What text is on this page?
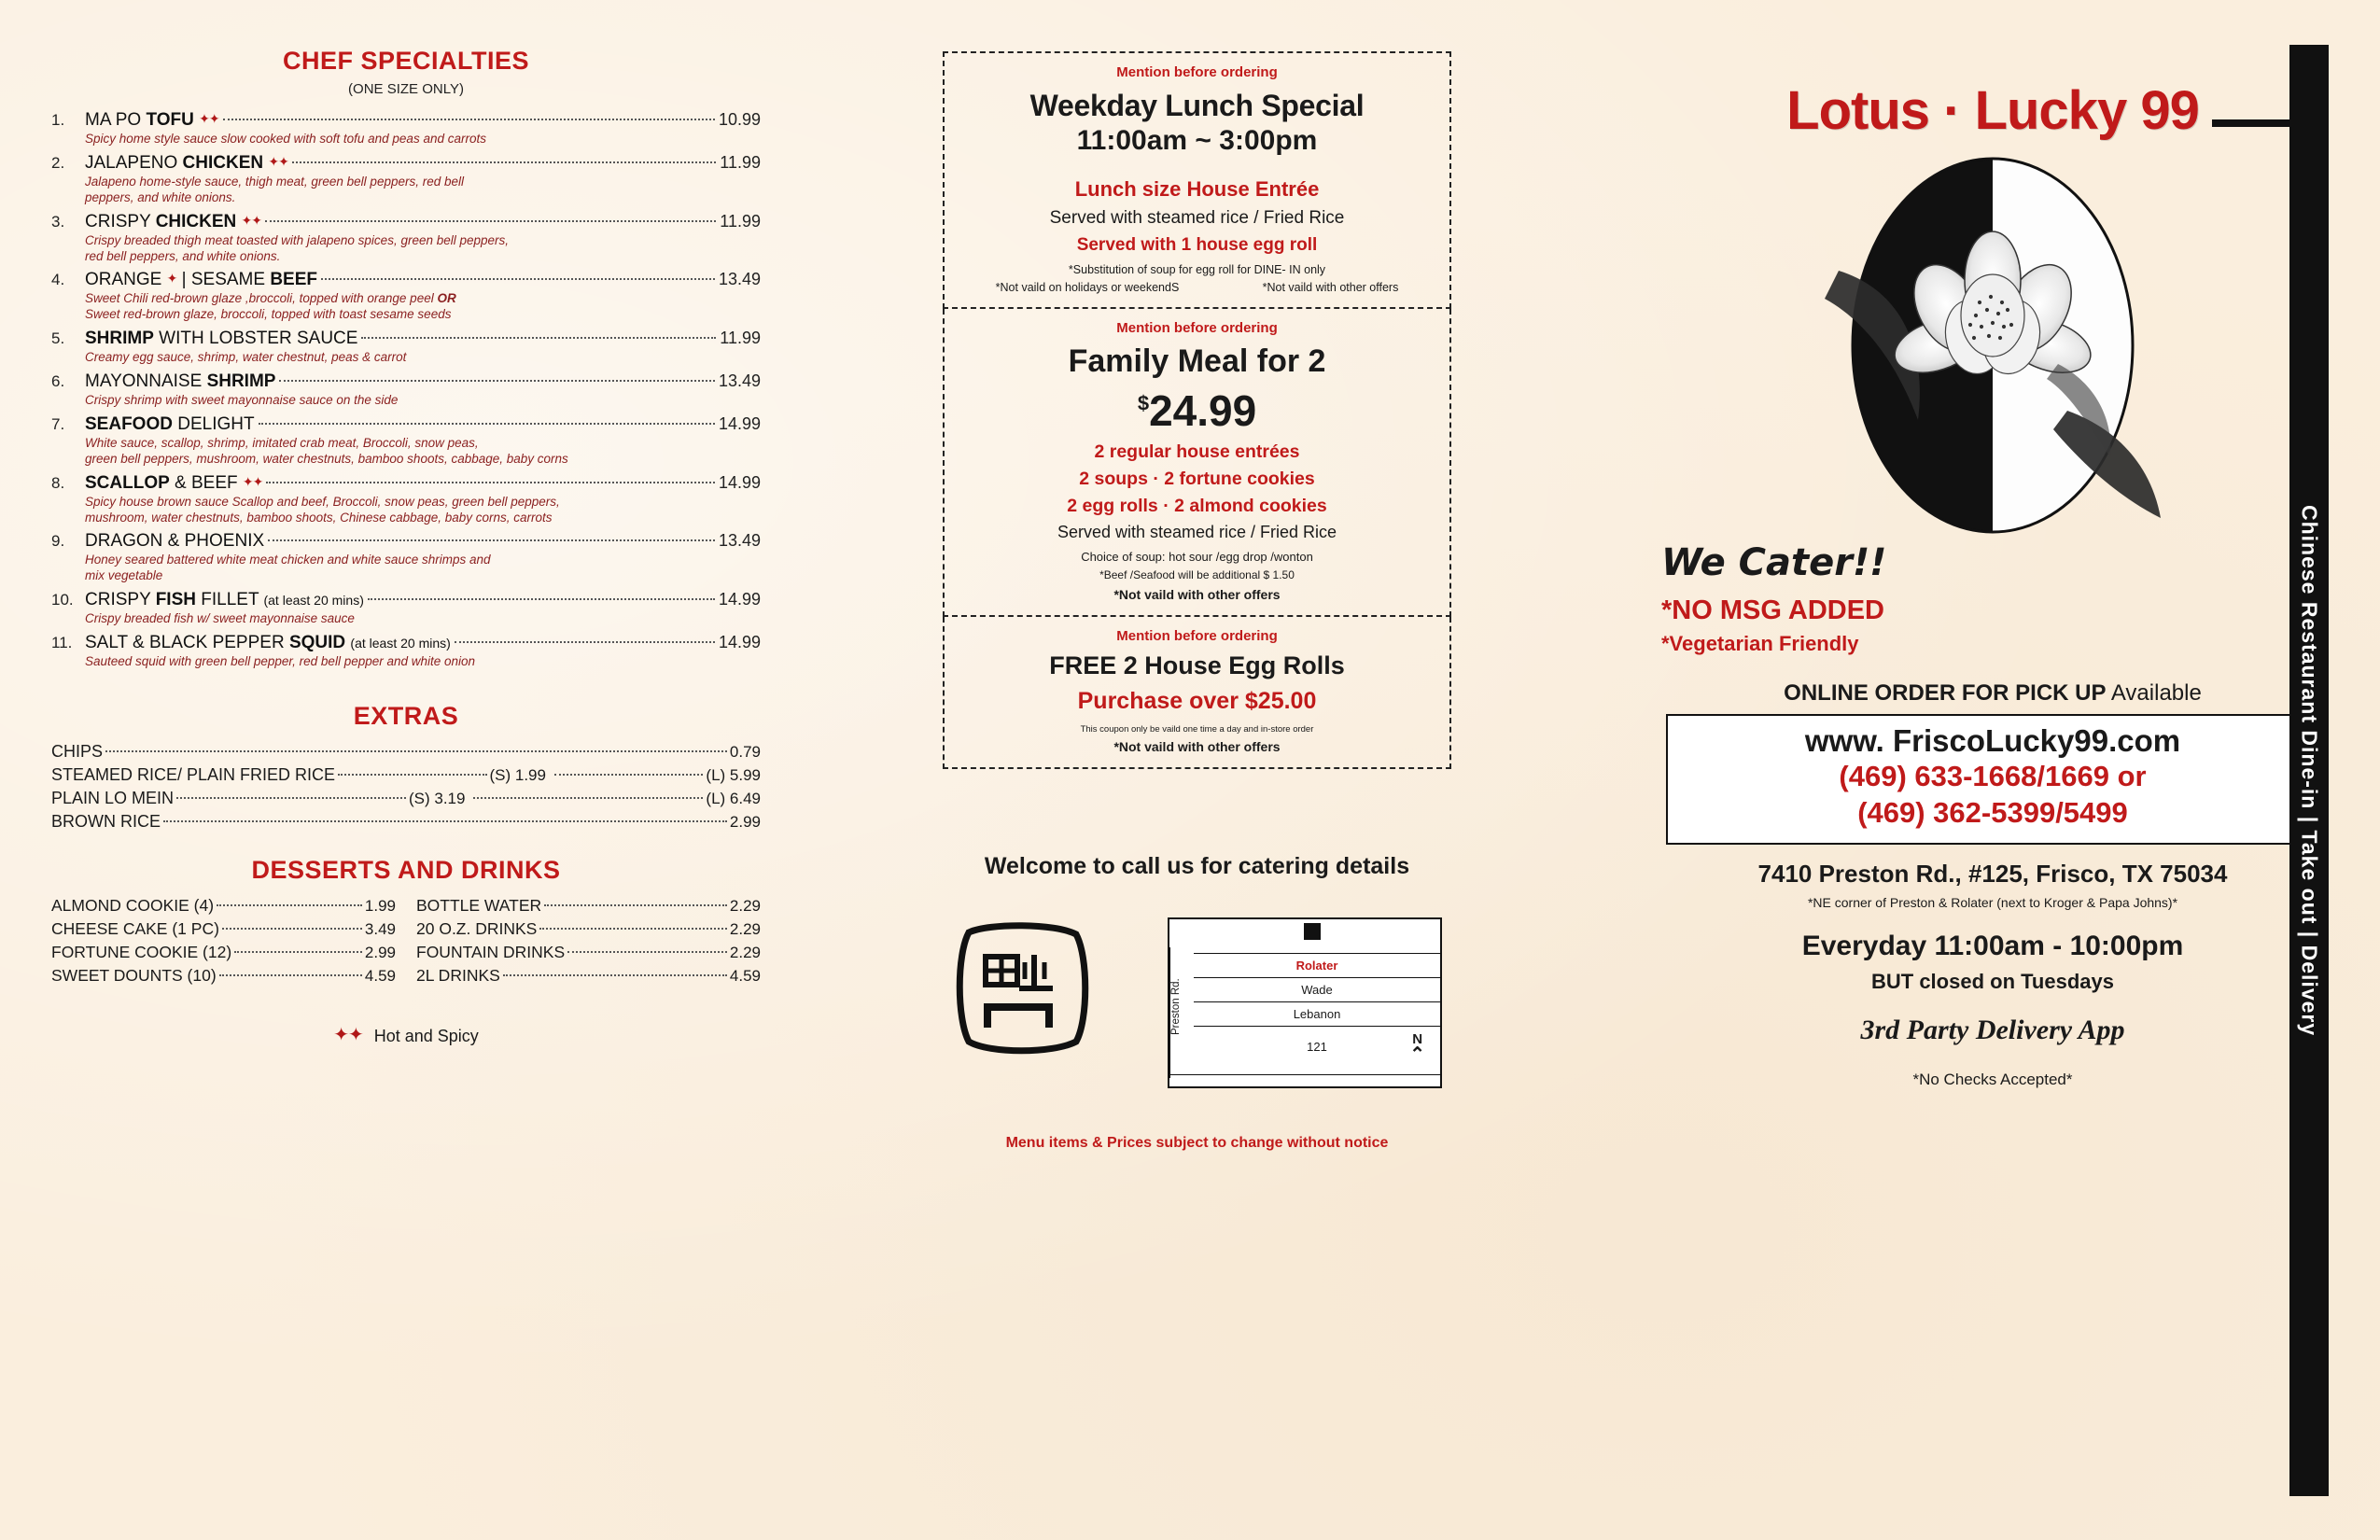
CHEF SPECIALTIES
(ONE SIZE ONLY)
1.	MA PO TOFU ✦✦	10.99
Spicy home style sauce slow cooked with soft tofu and peas and carrots
2.	JALAPENO CHICKEN ✦✦	11.99
Jalapeno home-style sauce, thigh meat, green bell peppers, red bell
peppers, and white onions.
3.	CRISPY CHICKEN ✦✦	11.99
Crispy breaded thigh meat toasted with jalapeno spices, green bell peppers,
red bell peppers, and white onions.
4.	ORANGE ✦ | SESAME BEEF	13.49
Sweet Chili red-brown glaze ,broccoli, topped with orange peel OR
Sweet red-brown glaze, broccoli, topped with toast sesame seeds
5.	SHRIMP WITH LOBSTER SAUCE	11.99
Creamy egg sauce, shrimp, water chestnut, peas & carrot
6.	MAYONNAISE SHRIMP	13.49
Crispy shrimp with sweet mayonnaise sauce on the side
7.	SEAFOOD DELIGHT	14.99
White sauce, scallop, shrimp, imitated crab meat, Broccoli, snow peas,
green bell peppers, mushroom, water chestnuts, bamboo shoots, cabbage, baby corns
8.	SCALLOP & BEEF ✦✦	14.99
Spicy house brown sauce Scallop and beef, Broccoli, snow peas, green bell peppers,
mushroom, water chestnuts, bamboo shoots, Chinese cabbage, baby corns, carrots
9.	DRAGON & PHOENIX	13.49
Honey seared battered white meat chicken and white sauce shrimps and
mix vegetable
10. CRISPY FISH FILLET (at least 20 mins)	14.99
Crispy breaded fish w/ sweet mayonnaise sauce
11. SALT & BLACK PEPPER SQUID (at least 20 mins)	14.99
Sauteed squid with green bell pepper, red bell pepper and white onion
EXTRAS
CHIPS	0.79
STEAMED RICE/ PLAIN FRIED RICE	(S) 1.99	(L) 5.99
PLAIN LO MEIN	(S) 3.19	(L) 6.49
BROWN RICE	2.99
DESSERTS AND DRINKS
ALMOND COOKIE (4)	1.99 BOTTLE WATER	2.29
CHEESE CAKE (1 PC)	3.49 20 O.Z. DRINKS	2.29
FORTUNE COOKIE (12)	2.99 FOUNTAIN DRINKS	2.29
SWEET DOUNTS (10)	4.59 2L DRINKS	4.59
✦✦ Hot and Spicy
Mention before ordering
Weekday Lunch Special
11:00am ~ 3:00pm
Lunch size House Entrée
Served with steamed rice / Fried Rice
Served with 1 house egg roll
*Substitution of soup for egg roll for DINE- IN only
*Not vaild on holidays or weekendS	*Not vaild with other offers
Mention before ordering
Family Meal for 2
$24.99
2 regular house entrées
2 soups · 2 fortune cookies
2 egg rolls · 2 almond cookies
Served with steamed rice / Fried Rice
Choice of soup: hot sour /egg drop /wonton
*Beef /Seafood will be additional $ 1.50
*Not vaild with other offers
Mention before ordering
FREE 2 House Egg Rolls
Purchase over $25.00
This coupon only be vaild one time a day and in-store order
*Not vaild with other offers
Welcome to call us for catering details
Preston Rd.
Rolater
Wade
Lebanon
121	N
⌃
Menu items & Prices subject to change without notice
Lotus · Lucky 99
We Cater!!
*NO MSG ADDED
*Vegetarian Friendly
ONLINE ORDER FOR PICK UP Available
www. FriscoLucky99.com
(469) 633-1668/1669 or
(469) 362-5399/5499
7410 Preston Rd., #125, Frisco, TX 75034
*NE corner of Preston & Rolater (next to Kroger & Papa Johns)*
Everyday 11:00am - 10:00pm
BUT closed on Tuesdays
3rd Party Delivery App
*No Checks Accepted*
Chinese Restaurant Dine-in | Take out | Delivery
